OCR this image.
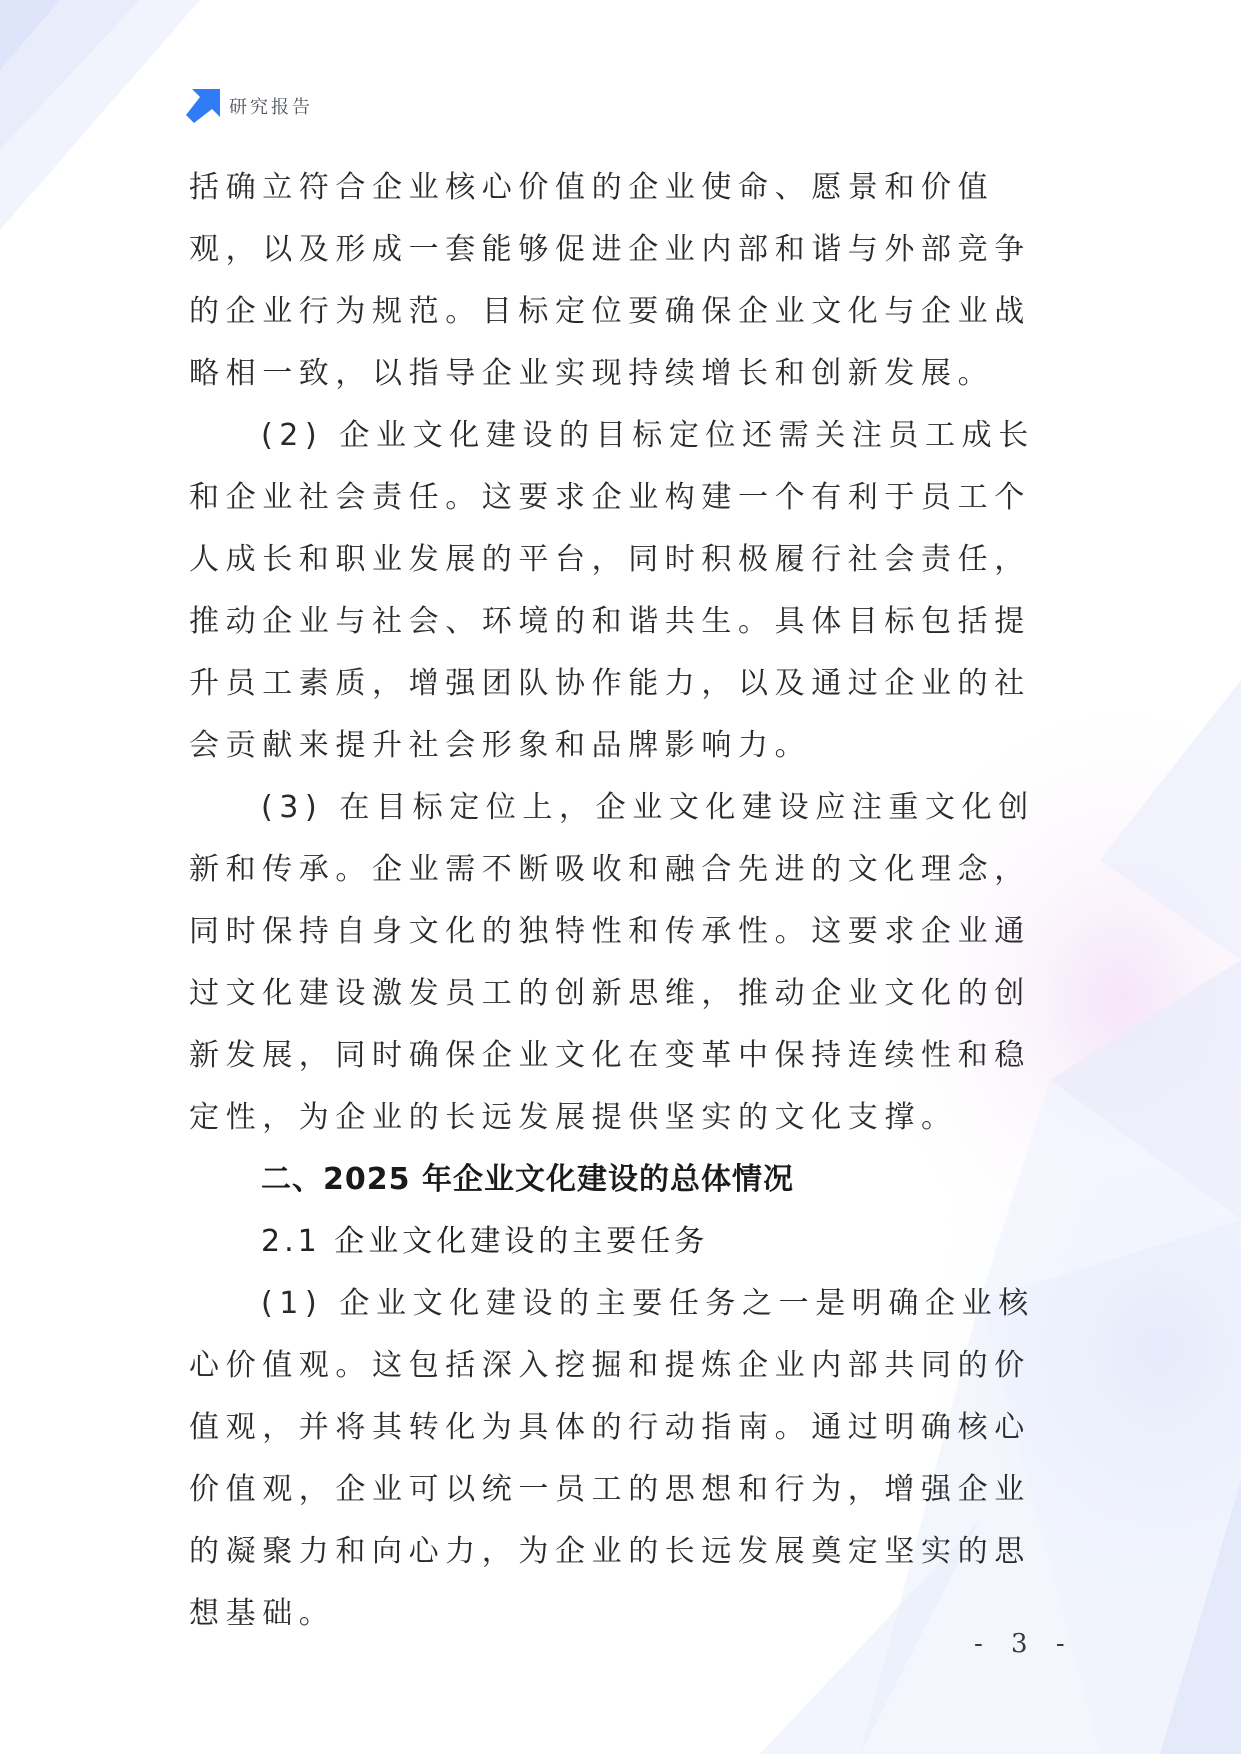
研究报告

括确立符合企业核心价值的企业使命、愿景和价值观，以及形成一套能够促进企业内部和谐与外部竞争的企业行为规范。目标定位要确保企业文化与企业战略相一致，以指导企业实现持续增长和创新发展。

(2) 企业文化建设的目标定位还需关注员工成长和企业社会责任。这要求企业构建一个有利于员工个人成长和职业发展的平台，同时积极履行社会责任，推动企业与社会、环境的和谐共生。具体目标包括提升员工素质，增强团队协作能力，以及通过企业的社会贡献来提升社会形象和品牌影响力。

(3) 在目标定位上，企业文化建设应注重文化创新和传承。企业需不断吸收和融合先进的文化理念，同时保持自身文化的独特性和传承性。这要求企业通过文化建设激发员工的创新思维，推动企业文化的创新发展，同时确保企业文化在变革中保持连续性和稳定性，为企业的长远发展提供坚实的文化支撑。

二、2025 年企业文化建设的总体情况

2.1 企业文化建设的主要任务

(1) 企业文化建设的主要任务之一是明确企业核心价值观。这包括深入挖掘和提炼企业内部共同的价值观，并将其转化为具体的行动指南。通过明确核心价值观，企业可以统一员工的思想和行为，增强企业的凝聚力和向心力，为企业的长远发展奠定坚实的思想基础。

- 3 -
